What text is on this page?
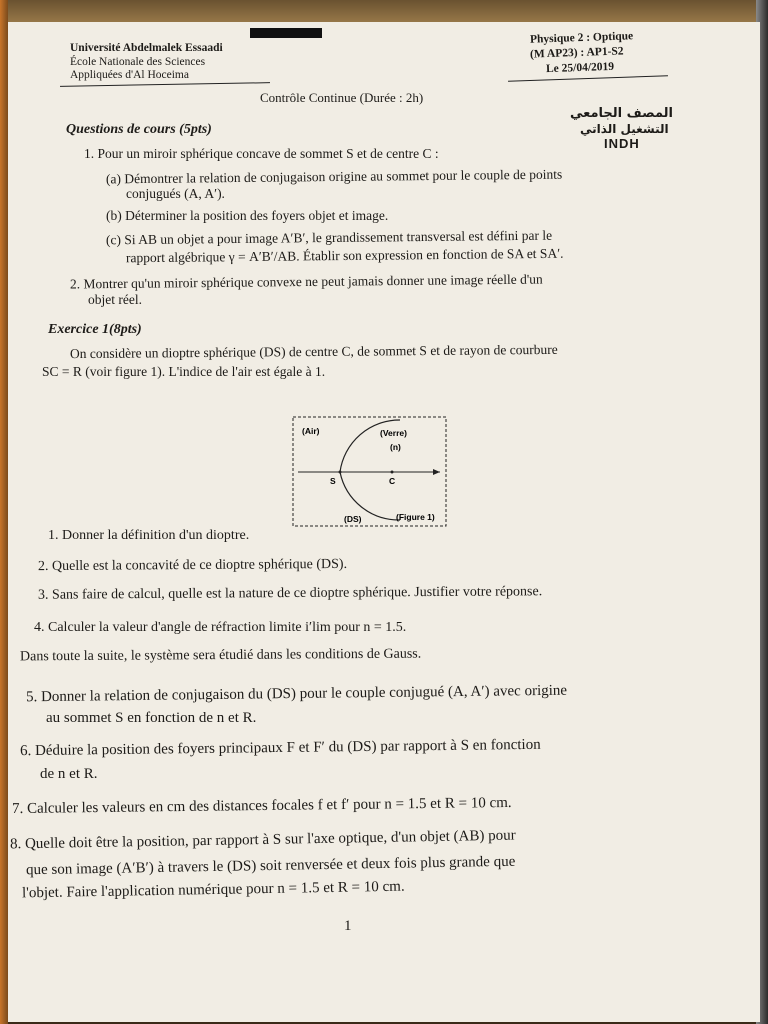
Université Abdelmalek Essaadi
École Nationale des Sciences
Appliquées d'Al Hoceima
Physique 2 : Optique
(M AP23) : AP1-S2
Le 25/04/2019
Contrôle Continue (Durée : 2h)
المصف الجامعي
التشغيل الذاتي
INDH
Questions de cours (5pts)
1. Pour un miroir sphérique concave de sommet S et de centre C :
(a) Démontrer la relation de conjugaison origine au sommet pour le couple de points
conjugués (A, A′).
(b) Déterminer la position des foyers objet et image.
(c) Si AB un objet a pour image A′B′, le grandissement transversal est défini par le
rapport algébrique γ = A′B′/AB. Établir son expression en fonction de SA et SA′.
2. Montrer qu'un miroir sphérique convexe ne peut jamais donner une image réelle d'un
objet réel.
Exercice 1(8pts)
On considère un dioptre sphérique (DS) de centre C, de sommet S et de rayon de courbure
SC = R (voir figure 1). L'indice de l'air est égale à 1.
(Air)	(Verre)
(n)
S	C
(DS)	(Figure 1)
1. Donner la définition d'un dioptre.
2. Quelle est la concavité de ce dioptre sphérique (DS).
3. Sans faire de calcul, quelle est la nature de ce dioptre sphérique. Justifier votre réponse.
4. Calculer la valeur d'angle de réfraction limite i′lim pour n = 1.5.
Dans toute la suite, le système sera étudié dans les conditions de Gauss.
5. Donner la relation de conjugaison du (DS) pour le couple conjugué (A, A′) avec origine
au sommet S en fonction de n et R.
6. Déduire la position des foyers principaux F et F′ du (DS) par rapport à S en fonction
de n et R.
7. Calculer les valeurs en cm des distances focales f et f′ pour n = 1.5 et R = 10 cm.
8. Quelle doit être la position, par rapport à S sur l'axe optique, d'un objet (AB) pour
que son image (A′B′) à travers le (DS) soit renversée et deux fois plus grande que
l'objet. Faire l'application numérique pour n = 1.5 et R = 10 cm.
1
